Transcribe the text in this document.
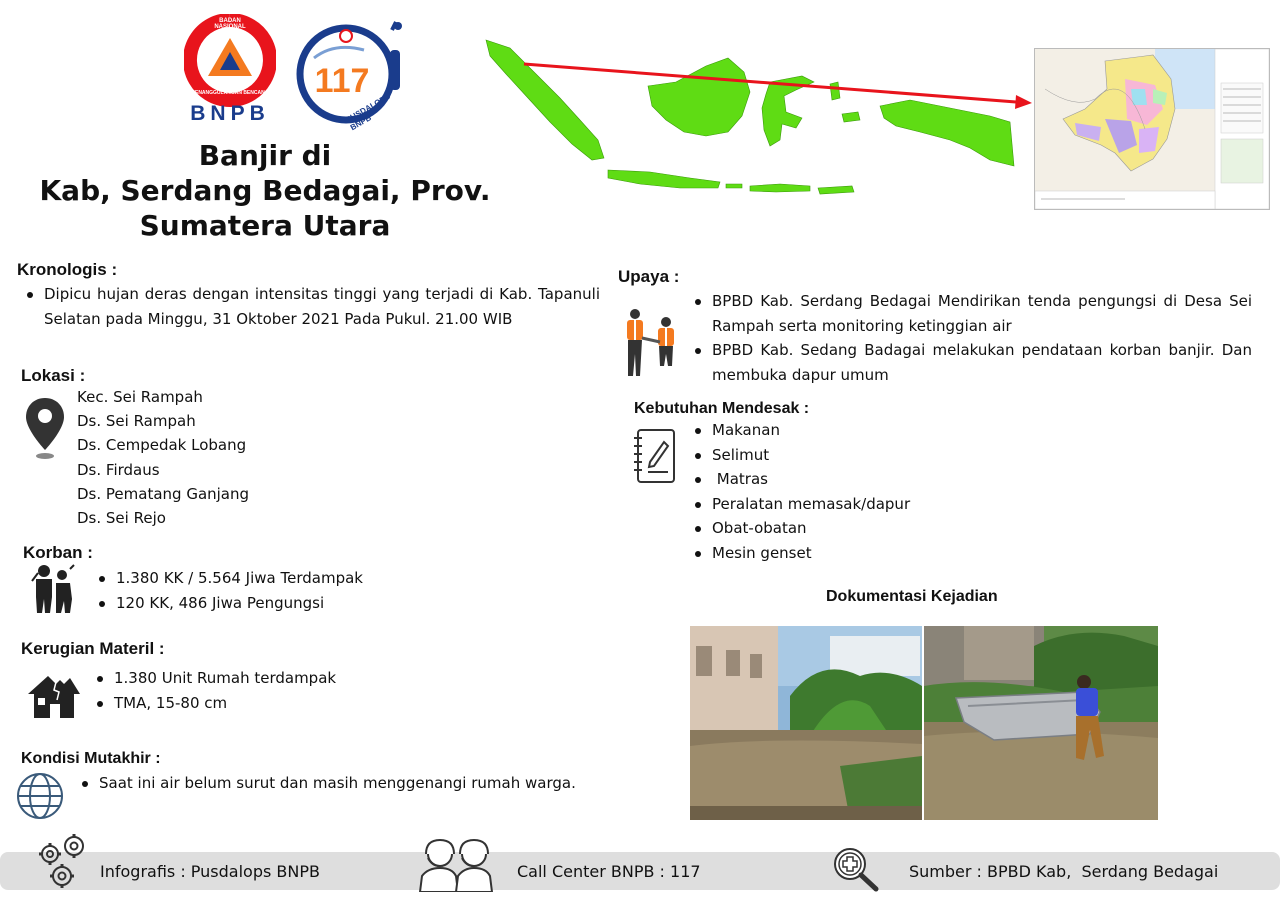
BNPB
BADAN NASIONAL
PENANGGULANGAN BENCANA 117
PUSDALOPS BNPB
Banjir di
Kab, Serdang Bedagai, Prov.
Sumatera Utara
Kronologis :
Dipicu hujan deras dengan intensitas tinggi yang terjadi di Kab. Tapanuli Selatan pada Minggu, 31 Oktober 2021 Pada Pukul. 21.00 WIB
Lokasi :
Kec. Sei Rampah
Ds. Sei Rampah
Ds. Cempedak Lobang
Ds. Firdaus
Ds. Pematang Ganjang
Ds. Sei Rejo
Korban :
1.380 KK / 5.564 Jiwa Terdampak
120 KK, 486 Jiwa Pengungsi
Kerugian Materil :
1.380 Unit Rumah terdampak
TMA, 15-80 cm
Kondisi Mutakhir :
Saat ini air belum surut dan masih menggenangi rumah warga.
Upaya :
BPBD Kab. Serdang Bedagai Mendirikan tenda pengungsi di Desa Sei Rampah serta monitoring ketinggian air
BPBD Kab. Sedang Badagai melakukan pendataan korban banjir. Dan membuka dapur umum
Kebutuhan Mendesak :
Makanan
Selimut
Matras
Peralatan memasak/dapur
Obat-obatan
Mesin genset
Dokumentasi Kejadian
Infografis : Pusdalops BNPB	Call Center BNPB : 117	Sumber : BPBD Kab,  Serdang Bedagai
